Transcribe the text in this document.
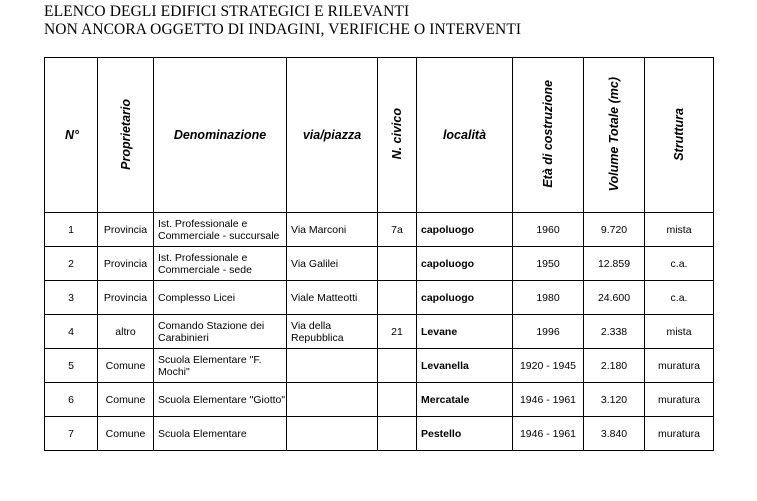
ELENCO DEGLI EDIFICI STRATEGICI E RILEVANTI
NON ANCORA OGGETTO DI INDAGINI, VERIFICHE O INTERVENTI
N°	Proprietario	Denominazione	via/piazza	N. civico	località	Età di costruzione	Volume Totale (mc)	Struttura
1	Provincia	Ist. Professionale e Commerciale - succursale	Via Marconi	7a	capoluogo	1960	9.720	mista
2	Provincia	Ist. Professionale e Commerciale - sede	Via Galilei		capoluogo	1950	12.859	c.a.
3	Provincia	Complesso Licei	Viale Matteotti		capoluogo	1980	24.600	c.a.
4	altro	Comando Stazione dei Carabinieri	Via della Repubblica	21	Levane	1996	2.338	mista
5	Comune	Scuola Elementare "F. Mochi"			Levanella	1920 - 1945	2.180	muratura
6	Comune	Scuola Elementare "Giotto"			Mercatale	1946 - 1961	3.120	muratura
7	Comune	Scuola Elementare			Pestello	1946 - 1961	3.840	muratura
